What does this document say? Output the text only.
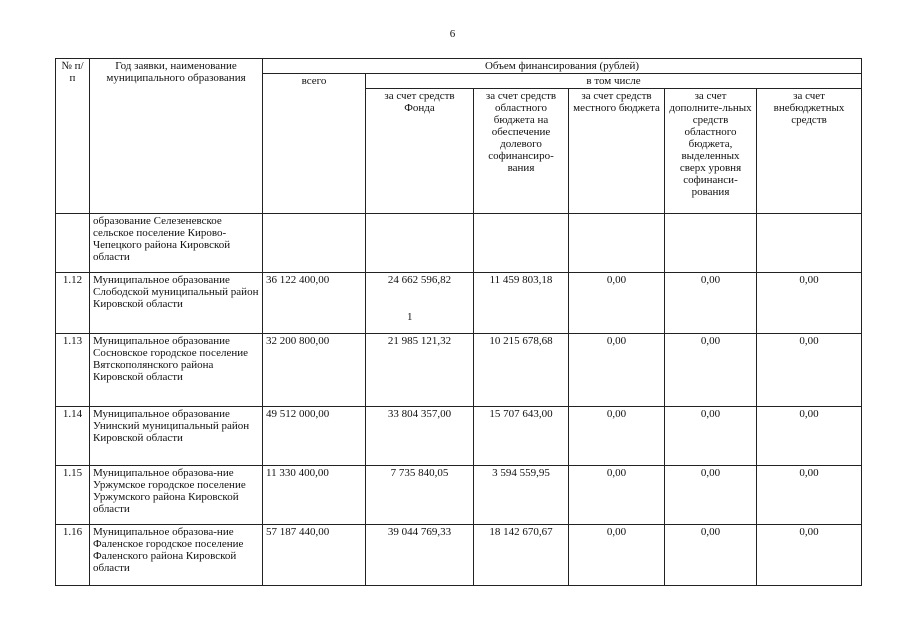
6
№ п/п	Год заявки, наименование муниципального образования	Объем финансирования (рублей)					
		всего	в том числе				
			за счет средств Фонда	за счет средств областного бюджета на обеспечение долевого софинансиро-вания	за счет средств местного бюджета	за счет дополните-льных средств областного бюджета, выделенных сверх уровня софинанси-рования	за счет внебюджетных средств
	образование Селезеневское сельское поселение Кирово-Чепецкого района Кировской области						
1.12	Муниципальное образование Слободской муниципальный район Кировской области	36 122 400,00	24 662 596,82	11 459 803,18	0,00	0,00	0,00
1.13	Муниципальное образование Сосновское городское поселение Вятскополянского района Кировской области	32 200 800,00	21 985 121,32	10 215 678,68	0,00	0,00	0,00
1.14	Муниципальное образование Унинский муниципальный район Кировской области	49 512 000,00	33 804 357,00	15 707 643,00	0,00	0,00	0,00
1.15	Муниципальное образова-ние Уржумское городское поселение Уржумского района Кировской области	11 330 400,00	7 735 840,05	3 594 559,95	0,00	0,00	0,00
1.16	Муниципальное образова-ние Фаленское городское поселение Фаленского района Кировской области	57 187 440,00	39 044 769,33	18 142 670,67	0,00	0,00	0,00
1
